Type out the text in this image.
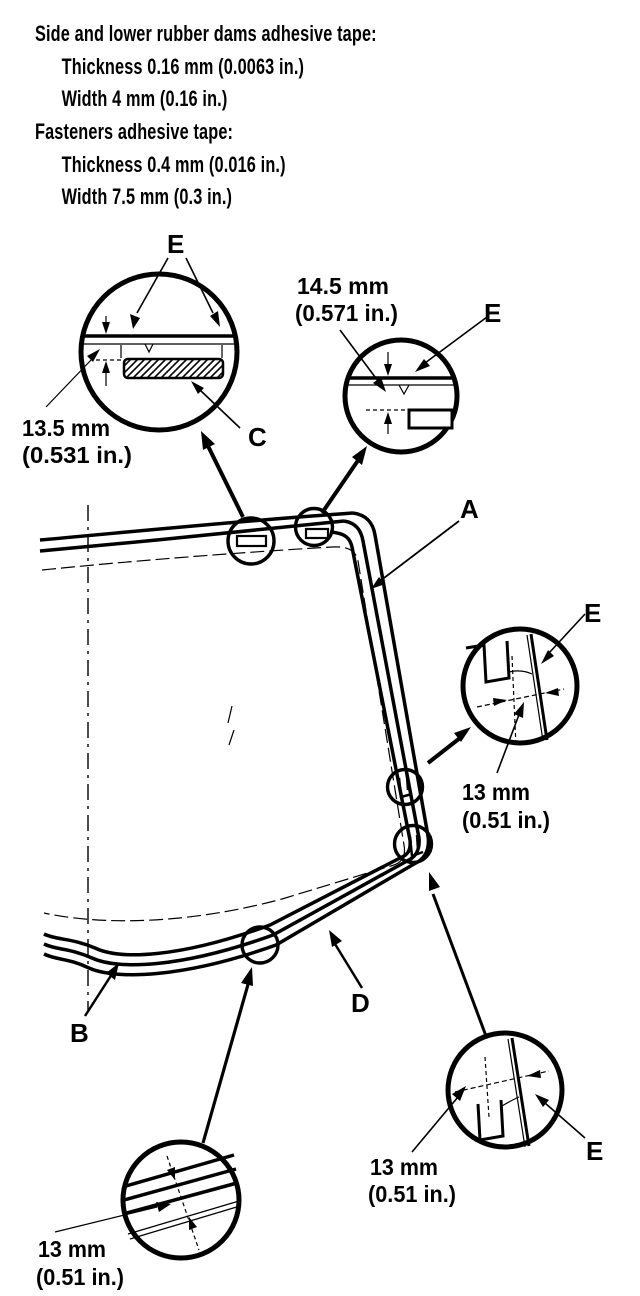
Side and lower rubber dams adhesive tape:
Thickness 0.16 mm (0.0063 in.)
Width 4 mm (0.16 in.)
Fasteners adhesive tape:
Thickness 0.4 mm (0.016 in.)
Width 7.5 mm (0.3 in.)
E
13.5 mm
(0.531 in.)
C
14.5 mm
(0.571 in.)	E
A
E
13 mm
(0.51 in.)
B
D
13 mm
(0.51 in.)
E
13 mm
(0.51 in.)
